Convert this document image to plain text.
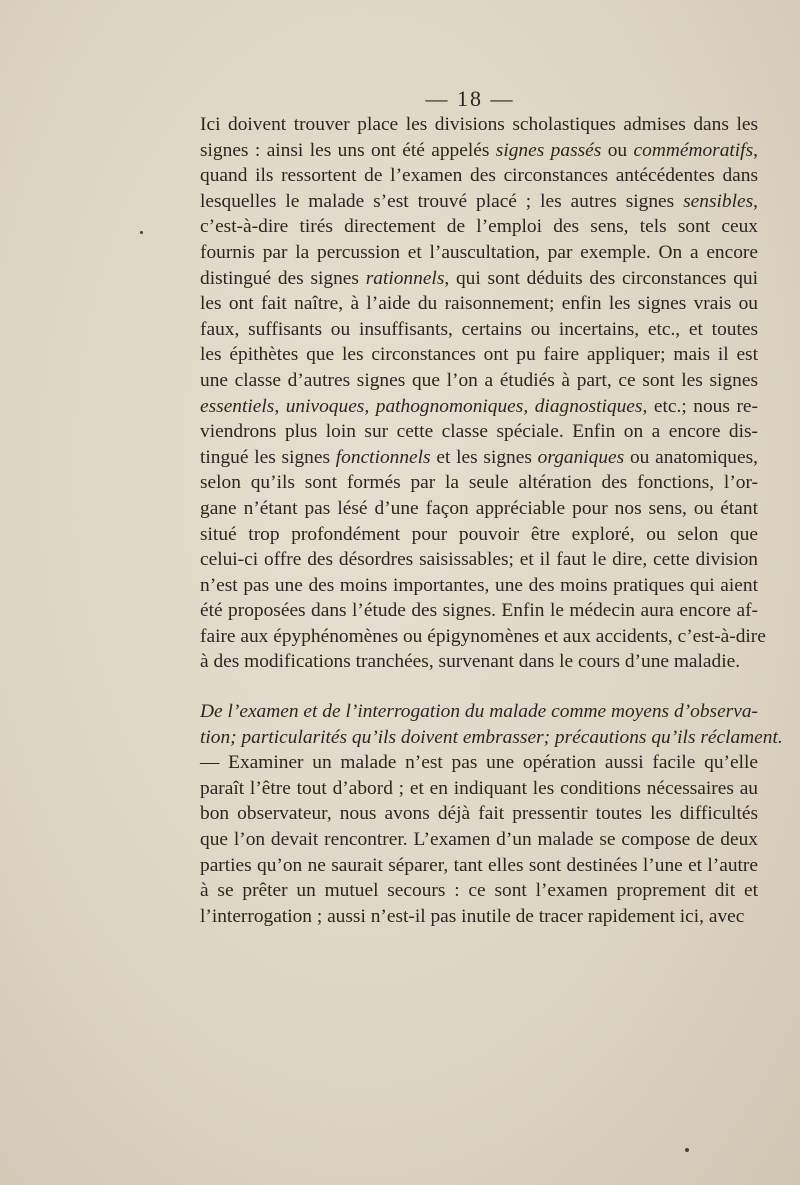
— 18 —

Ici doivent trouver place les divisions scholastiques admises dans les
signes : ainsi les uns ont été appelés signes passés ou commémoratifs,
quand ils ressortent de l’examen des circonstances antécédentes dans
lesquelles le malade s’est trouvé placé ; les autres signes sensibles,
c’est-à-dire tirés directement de l’emploi des sens, tels sont ceux
fournis par la percussion et l’auscultation, par exemple. On a encore
distingué des signes rationnels, qui sont déduits des circonstances qui
les ont fait naître, à l’aide du raisonnement; enfin les signes vrais ou
faux, suffisants ou insuffisants, certains ou incertains, etc., et toutes
les épithètes que les circonstances ont pu faire appliquer; mais il est
une classe d’autres signes que l’on a étudiés à part, ce sont les signes
essentiels, univoques, pathognomoniques, diagnostiques, etc.; nous re-
viendrons plus loin sur cette classe spéciale. Enfin on a encore dis-
tingué les signes fonctionnels et les signes organiques ou anatomiques,
selon qu’ils sont formés par la seule altération des fonctions, l’or-
gane n’étant pas lésé d’une façon appréciable pour nos sens, ou étant
situé trop profondément pour pouvoir être exploré, ou selon que
celui-ci offre des désordres saisissables; et il faut le dire, cette division
n’est pas une des moins importantes, une des moins pratiques qui aient
été proposées dans l’étude des signes. Enfin le médecin aura encore af-
faire aux épyphénomènes ou épigynomènes et aux accidents, c’est-à-dire
à des modifications tranchées, survenant dans le cours d’une maladie.

De l’examen et de l’interrogation du malade comme moyens d’observa-
tion; particularités qu’ils doivent embrasser; précautions qu’ils réclament.
— Examiner un malade n’est pas une opération aussi facile qu’elle
paraît l’être tout d’abord ; et en indiquant les conditions nécessaires au
bon observateur, nous avons déjà fait pressentir toutes les difficultés
que l’on devait rencontrer. L’examen d’un malade se compose de deux
parties qu’on ne saurait séparer, tant elles sont destinées l’une et l’autre
à se prêter un mutuel secours : ce sont l’examen proprement dit et
l’interrogation ; aussi n’est-il pas inutile de tracer rapidement ici, avec
